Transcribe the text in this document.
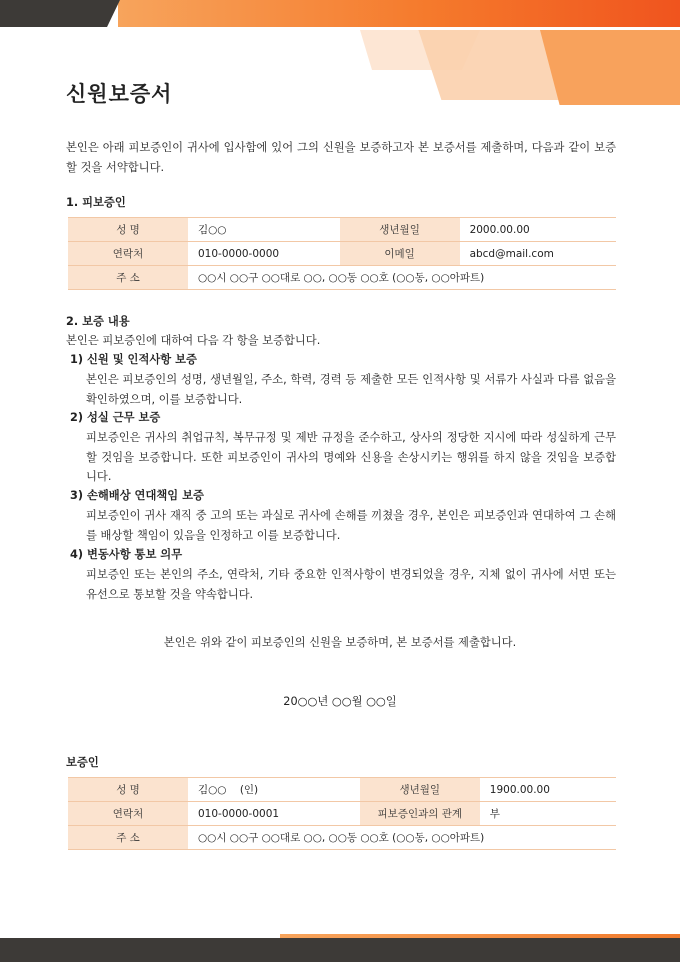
신원보증서
본인은 아래 피보증인이 귀사에 입사함에 있어 그의 신원을 보증하고자 본 보증서를 제출하며, 다음과 같이 보증할 것을 서약합니다.
1. 피보증인
성 명	김○○	생년월일	2000.00.00
연락처	010-0000-0000	이메일	abcd@mail.com
주 소	○○시 ○○구 ○○대로 ○○, ○○동 ○○호 (○○동, ○○아파트)		
2. 보증 내용
본인은 피보증인에 대하여 다음 각 항을 보증합니다.
1) 신원 및 인적사항 보증
본인은 피보증인의 성명, 생년월일, 주소, 학력, 경력 등 제출한 모든 인적사항 및 서류가 사실과 다름 없음을 확인하였으며, 이를 보증합니다.
2) 성실 근무 보증
피보증인은 귀사의 취업규칙, 복무규정 및 제반 규정을 준수하고, 상사의 정당한 지시에 따라 성실하게 근무할 것임을 보증합니다. 또한 피보증인이 귀사의 명예와 신용을 손상시키는 행위를 하지 않을 것임을 보증합니다.
3) 손해배상 연대책임 보증
피보증인이 귀사 재직 중 고의 또는 과실로 귀사에 손해를 끼쳤을 경우, 본인은 피보증인과 연대하여 그 손해를 배상할 책임이 있음을 인정하고 이를 보증합니다.
4) 변동사항 통보 의무
피보증인 또는 본인의 주소, 연락처, 기타 중요한 인적사항이 변경되었을 경우, 지체 없이 귀사에 서면 또는 유선으로 통보할 것을 약속합니다.
본인은 위와 같이 피보증인의 신원을 보증하며, 본 보증서를 제출합니다.
20○○년 ○○월 ○○일
보증인
성 명	김○○    (인)	생년월일	1900.00.00
연락처	010-0000-0001	피보증인과의 관계	부
주 소	○○시 ○○구 ○○대로 ○○, ○○동 ○○호 (○○동, ○○아파트)		
